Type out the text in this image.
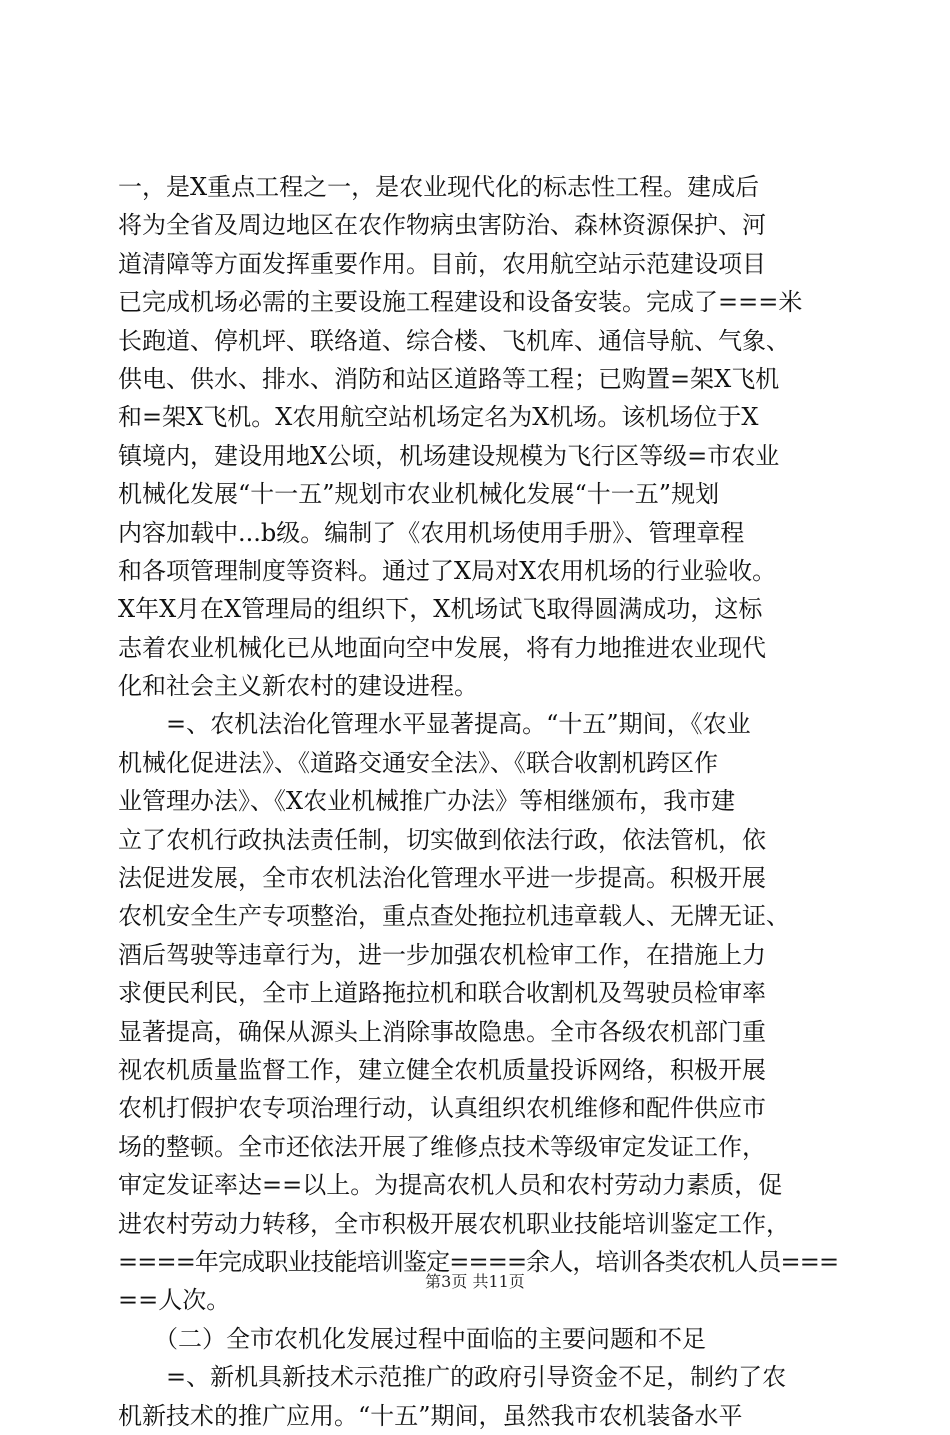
一，是X重点工程之一，是农业现代化的标志性工程。建成后
将为全省及周边地区在农作物病虫害防治、森林资源保护、河
道清障等方面发挥重要作用。目前，农用航空站示范建设项目
已完成机场必需的主要设施工程建设和设备安装。完成了===米
长跑道、停机坪、联络道、综合楼、飞机库、通信导航、气象、
供电、供水、排水、消防和站区道路等工程；已购置=架X飞机
和=架X飞机。X农用航空站机场定名为X机场。该机场位于X
镇境内，建设用地X公顷，机场建设规模为飞行区等级=市农业
机械化发展“十一五”规划市农业机械化发展“十一五”规划
内容加载中...b级。编制了《农用机场使用手册》、管理章程
和各项管理制度等资料。通过了X局对X农用机场的行业验收。
X年X月在X管理局的组织下，X机场试飞取得圆满成功，这标
志着农业机械化已从地面向空中发展，将有力地推进农业现代
化和社会主义新农村的建设进程。
　　=、农机法治化管理水平显著提高。“十五”期间，《农业
机械化促进法》、《道路交通安全法》、《联合收割机跨区作
业管理办法》、《X农业机械推广办法》等相继颁布，我市建
立了农机行政执法责任制，切实做到依法行政，依法管机，依
法促进发展，全市农机法治化管理水平进一步提高。积极开展
农机安全生产专项整治，重点查处拖拉机违章载人、无牌无证、
酒后驾驶等违章行为，进一步加强农机检审工作，在措施上力
求便民利民，全市上道路拖拉机和联合收割机及驾驶员检审率
显著提高，确保从源头上消除事故隐患。全市各级农机部门重
视农机质量监督工作，建立健全农机质量投诉网络，积极开展
农机打假护农专项治理行动，认真组织农机维修和配件供应市
场的整顿。全市还依法开展了维修点技术等级审定发证工作，
审定发证率达==以上。为提高农机人员和农村劳动力素质，促
进农村劳动力转移，全市积极开展农机职业技能培训鉴定工作，
====年完成职业技能培训鉴定====余人，培训各类农机人员===
==人次。
　　（二）全市农机化发展过程中面临的主要问题和不足
　　=、新机具新技术示范推广的政府引导资金不足，制约了农
机新技术的推广应用。“十五”期间，虽然我市农机装备水平
第3页 共11页
